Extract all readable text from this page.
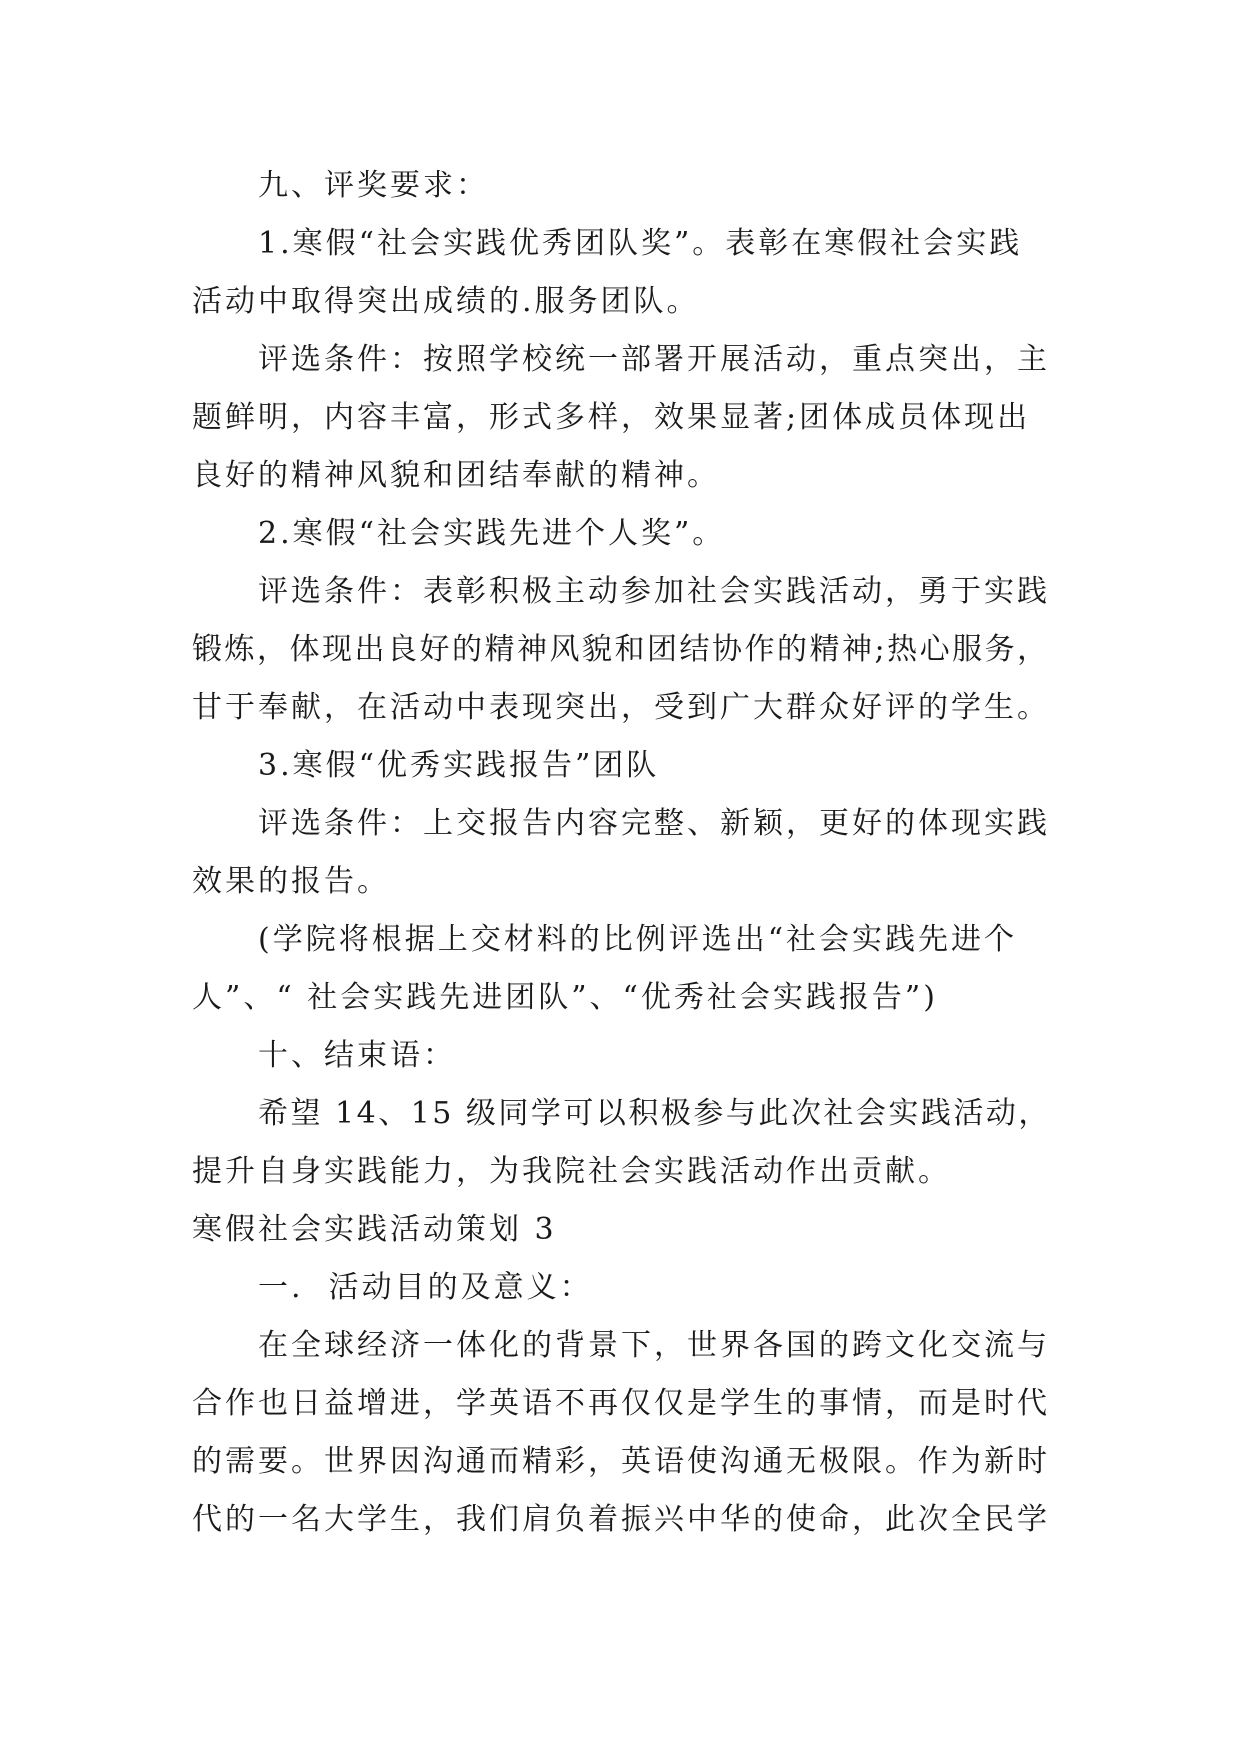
九、评奖要求：

1.寒假“社会实践优秀团队奖”。表彰在寒假社会实践

活动中取得突出成绩的.服务团队。

评选条件：按照学校统一部署开展活动，重点突出，主

题鲜明，内容丰富，形式多样，效果显著;团体成员体现出

良好的精神风貌和团结奉献的精神。

2.寒假“社会实践先进个人奖”。

评选条件：表彰积极主动参加社会实践活动，勇于实践

锻炼，体现出良好的精神风貌和团结协作的精神;热心服务，

甘于奉献，在活动中表现突出，受到广大群众好评的学生。

3.寒假“优秀实践报告”团队

评选条件：上交报告内容完整、新颖，更好的体现实践

效果的报告。

(学院将根据上交材料的比例评选出“社会实践先进个

人”、“ 社会实践先进团队”、“优秀社会实践报告”)

十、结束语：

希望 14、15 级同学可以积极参与此次社会实践活动，

提升自身实践能力，为我院社会实践活动作出贡献。

寒假社会实践活动策划 3

一.  活动目的及意义：

在全球经济一体化的背景下，世界各国的跨文化交流与

合作也日益增进，学英语不再仅仅是学生的事情，而是时代

的需要。世界因沟通而精彩，英语使沟通无极限。作为新时

代的一名大学生，我们肩负着振兴中华的使命，此次全民学
